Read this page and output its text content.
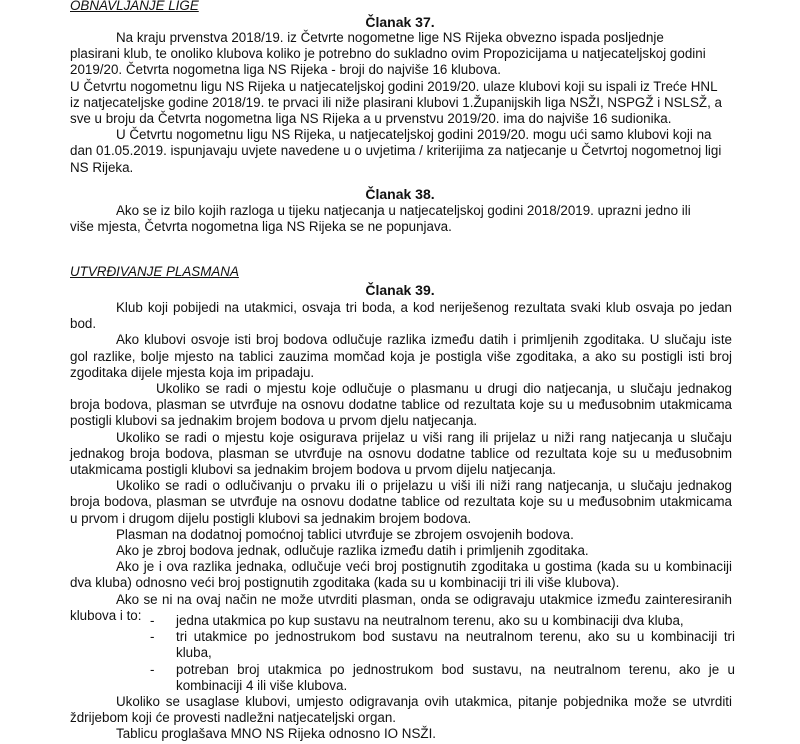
OBNAVLJANJE LIGE
Članak 37.

Na kraju prvenstva 2018/19. iz Četvrte nogometne lige NS Rijeka obvezno ispada posljednje

plasirani klub, te onoliko klubova koliko je potrebno do sukladno ovim Propozicijama u natjecateljskoj godini

2019/20. Četvrta nogometna liga NS Rijeka - broji do najviše 16 klubova.

U Četvrtu nogometnu ligu NS Rijeka u natjecateljskoj godini 2019/20. ulaze klubovi koji su ispali iz Treće HNL

iz natjecateljske godine 2018/19. te prvaci ili niže plasirani klubovi 1.Županijskih liga NSŽI, NSPGŽ i NSLSŽ, a

sve u broju da Četvrta nogometna liga NS Rijeka a u prvenstvu 2019/20. ima do najviše 16 sudionika.

U Četvrtu nogometnu ligu NS Rijeka, u natjecateljskoj godini 2019/20. mogu ući samo klubovi koji na

dan 01.05.2019. ispunjavaju uvjete navedene u o uvjetima / kriterijima za natjecanje u Četvrtoj nogometnoj ligi

NS Rijeka.

Članak 38.

Ako se iz bilo kojih razloga u tijeku natjecanja u natjecateljskoj godini 2018/2019. uprazni jedno ili

više mjesta, Četvrta nogometna liga NS Rijeka se ne popunjava.

UTVRĐIVANJE PLASMANA
Članak 39.

Klub koji pobijedi na utakmici, osvaja tri boda, a kod neriješenog rezultata svaki klub osvaja po jedan bod.

Ako klubovi osvoje isti broj bodova odlučuje razlika između datih i primljenih zgoditaka. U slučaju iste gol razlike, bolje mjesto na tablici zauzima momčad koja je postigla više zgoditaka, a ako su postigli isti broj zgoditaka dijele mjesta koja im pripadaju.

Ukoliko se radi o mjestu koje odlučuje o plasmanu u drugi dio natjecanja, u slučaju jednakog broja bodova, plasman se utvrđuje na osnovu dodatne tablice od rezultata koje su u međusobnim utakmicama postigli klubovi sa jednakim brojem bodova u prvom djelu natjecanja.

Ukoliko se radi o mjestu koje osigurava prijelaz u viši rang ili prijelaz u niži rang natjecanja u slučaju jednakog broja bodova, plasman se utvrđuje na osnovu dodatne tablice od rezultata koje su u međusobnim utakmicama postigli klubovi sa jednakim brojem bodova u prvom dijelu natjecanja.

Ukoliko se radi o odlučivanju o prvaku ili o prijelazu u viši ili niži rang natjecanja, u slučaju jednakog broja bodova, plasman se utvrđuje na osnovu dodatne tablice od rezultata koje su u međusobnim utakmicama u prvom i drugom dijelu postigli klubovi sa jednakim brojem bodova.

Plasman na dodatnoj pomoćnoj tablici utvrđuje se zbrojem osvojenih bodova.

Ako je zbroj bodova jednak, odlučuje razlika između datih i primljenih zgoditaka.

Ako je i ova razlika jednaka, odlučuje veći broj postignutih zgoditaka u gostima (kada su u kombinaciji dva kluba) odnosno veći broj postignutih zgoditaka (kada su u kombinaciji tri ili više klubova).

Ako se ni na ovaj način ne može utvrditi plasman, onda se odigravaju utakmice između zainteresiranih klubova i to: - jedna utakmica po kup sustavu na neutralnom terenu, ako su u kombinaciji dva kluba,
- tri utakmice po jednostrukom bod sustavu na neutralnom terenu, ako su u kombinaciji tri kluba,
- potreban broj utakmica po jednostrukom bod sustavu, na neutralnom terenu, ako je u kombinaciji 4 ili više klubova.

Ukoliko se usaglase klubovi, umjesto odigravanja ovih utakmica, pitanje pobjednika može se utvrditi ždrijebom koji će provesti nadležni natjecateljski organ.

Tablicu proglašava MNO NS Rijeka odnosno IO NSŽI.
